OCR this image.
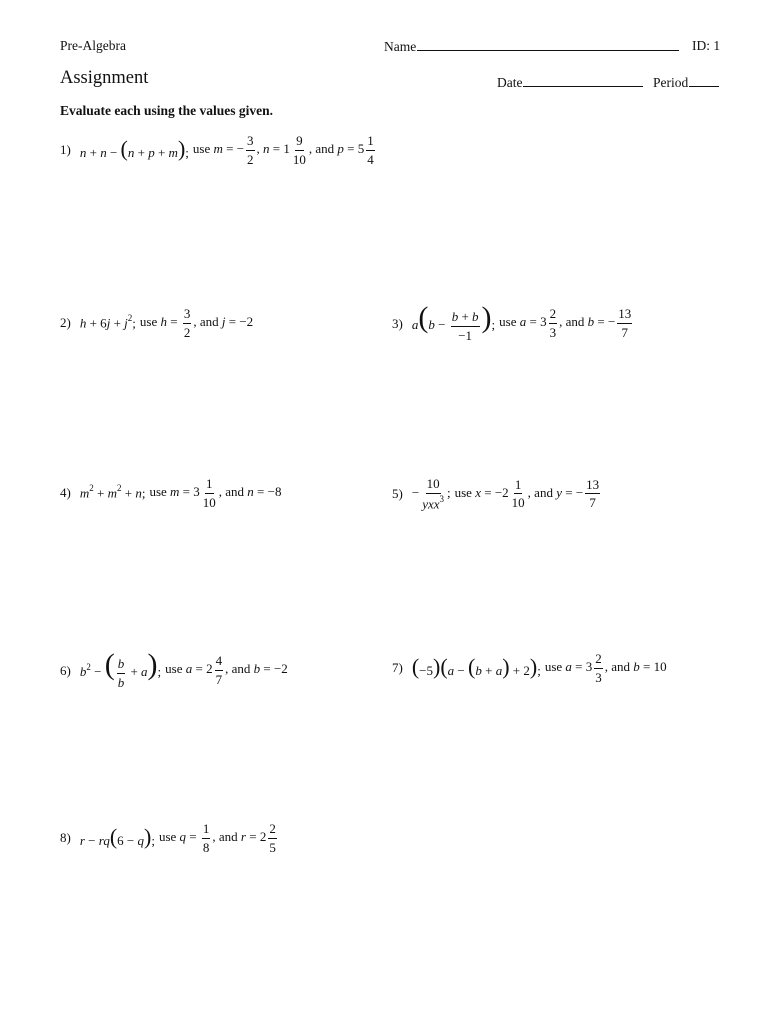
Pre-Algebra	Name	ID: 1
Assignment	Date	Period
Evaluate each using the values given.
1) n + n − (n + p + m); use m = − $\frac{3}{2}$ , $n = 1 \frac{9}{10}$ , and $p = 5 \frac{1}{4}$
2) $h + 6j + j^2$; use $h = \frac{3}{2}$ , and j = −2	3) $a(b - \frac{b + b}{-1}$ ); use $a = 3 \frac{2}{3}$ , and b = − $\frac{13}{7}$
4) $m^2 + m^2 + n$; use $m = 3 \frac{1}{10}$ , and n = −8	$5) - \frac{10}{yxx^3}$ ; use $x = -2 \frac{1}{10}$ , and y = − $\frac{13}{7}$
6) $b^2$ − ( $\frac{b}{b} + a$); use $a = 2 \frac{4}{7}$ , and b = −2	7) (−5)(a − (b + a) + 2); use $a = 3 \frac{2}{3}$ , and b = 10
8) r − rq(6 − q); use $q = \frac{1}{8}$ , and $r = 2 \frac{2}{5}$
